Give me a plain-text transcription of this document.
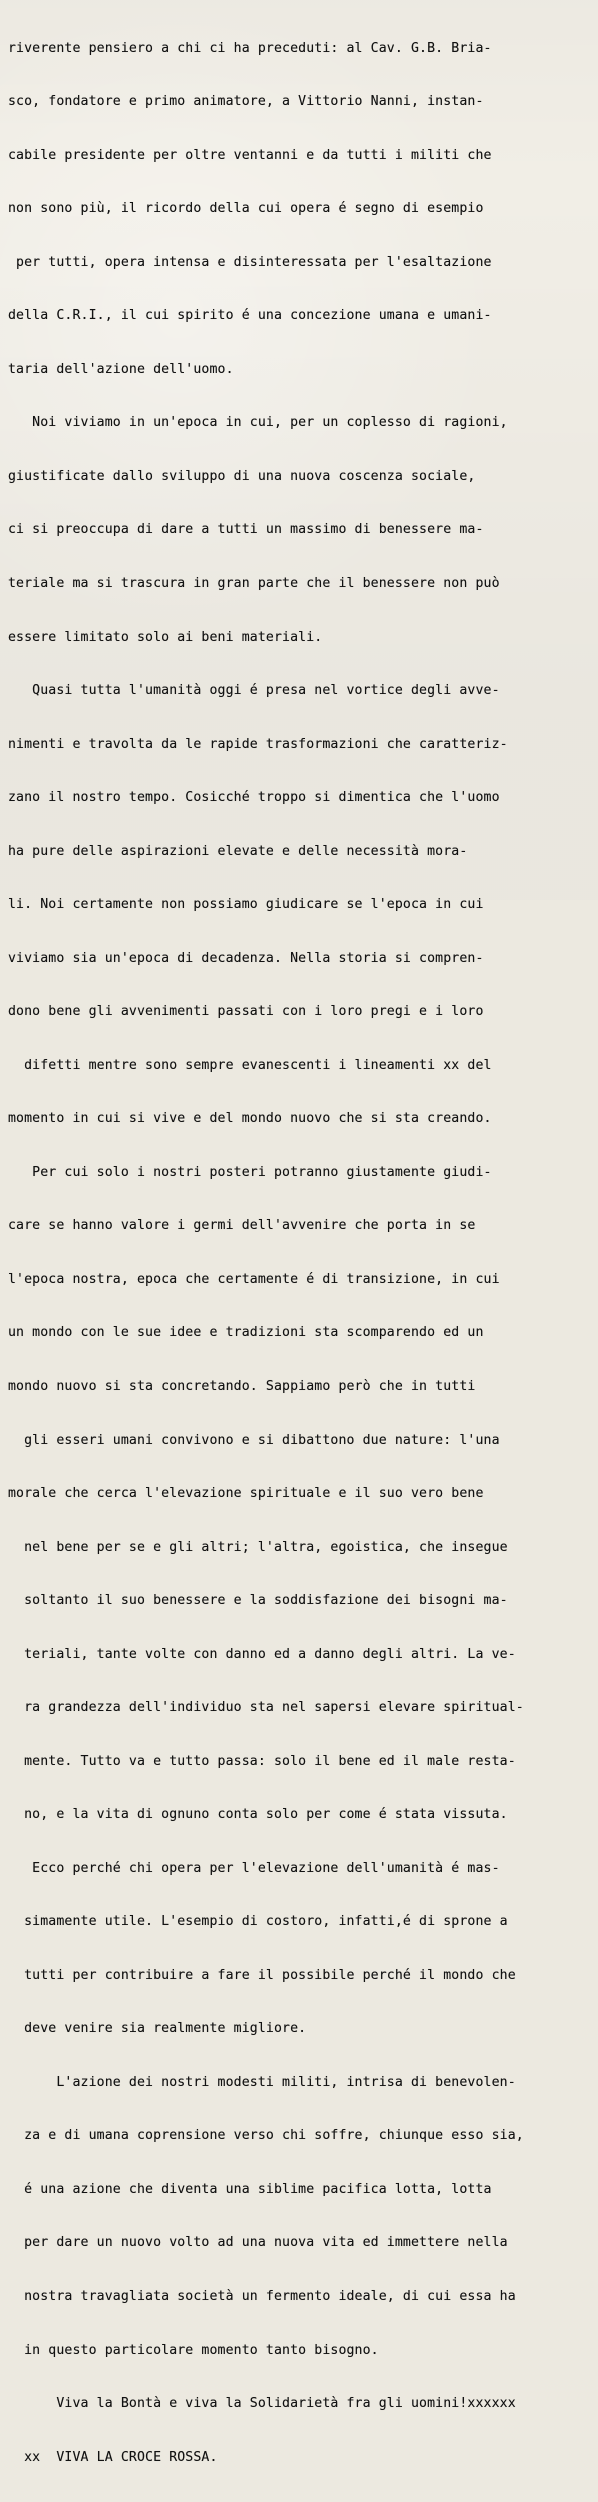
riverente pensiero a chi ci ha preceduti: al Cav. G.B. Bria-

sco, fondatore e primo animatore, a Vittorio Nanni, instan-

cabile presidente per oltre ventanni e da tutti i militi che

non sono più, il ricordo della cui opera é segno di esempio

per tutti, opera intensa e disinteressata per l'esaltazione

della C.R.I., il cui spirito é una concezione umana e umani-

taria dell'azione dell'uomo.

Noi viviamo in un'epoca in cui, per un coplesso di ragioni,

giustificate dallo sviluppo di una nuova coscenza sociale,

ci si preoccupa di dare a tutti un massimo di benessere ma-

teriale ma si trascura in gran parte che il benessere non può

essere limitato solo ai beni materiali.

Quasi tutta l'umanità oggi é presa nel vortice degli avve-

nimenti e travolta da le rapide trasformazioni che caratteriz-

zano il nostro tempo. Cosicché troppo si dimentica che l'uomo

ha pure delle aspirazioni elevate e delle necessità mora-

li. Noi certamente non possiamo giudicare se l'epoca in cui

viviamo sia un'epoca di decadenza. Nella storia si compren-

dono bene gli avvenimenti passati con i loro pregi e i loro

difetti mentre sono sempre evanescenti i lineamenti xx del

momento in cui si vive e del mondo nuovo che si sta creando.

Per cui solo i nostri posteri potranno giustamente giudi-

care se hanno valore i germi dell'avvenire che porta in se

l'epoca nostra, epoca che certamente é di transizione, in cui

un mondo con le sue idee e tradizioni sta scomparendo ed un

mondo nuovo si sta concretando. Sappiamo però che in tutti

gli esseri umani convivono e si dibattono due nature: l'una

morale che cerca l'elevazione spirituale e il suo vero bene

nel bene per se e gli altri; l'altra, egoistica, che insegue

soltanto il suo benessere e la soddisfazione dei bisogni ma-

teriali, tante volte con danno ed a danno degli altri. La ve-

ra grandezza dell'individuo sta nel sapersi elevare spiritual-

mente. Tutto va e tutto passa: solo il bene ed il male resta-

no, e la vita di ognuno conta solo per come é stata vissuta.

Ecco perché chi opera per l'elevazione dell'umanità é mas-

simamente utile. L'esempio di costoro, infatti,é di sprone a

tutti per contribuire a fare il possibile perché il mondo che

deve venire sia realmente migliore.

L'azione dei nostri modesti militi, intrisa di benevolen-

za e di umana coprensione verso chi soffre, chiunque esso sia,

é una azione che diventa una siblime pacifica lotta, lotta

per dare un nuovo volto ad una nuova vita ed immettere nella

nostra travagliata società un fermento ideale, di cui essa ha

in questo particolare momento tanto bisogno.

Viva la Bontà e viva la Solidarietà fra gli uomini!xxxxxx

xx  VIVA LA CROCE ROSSA.
